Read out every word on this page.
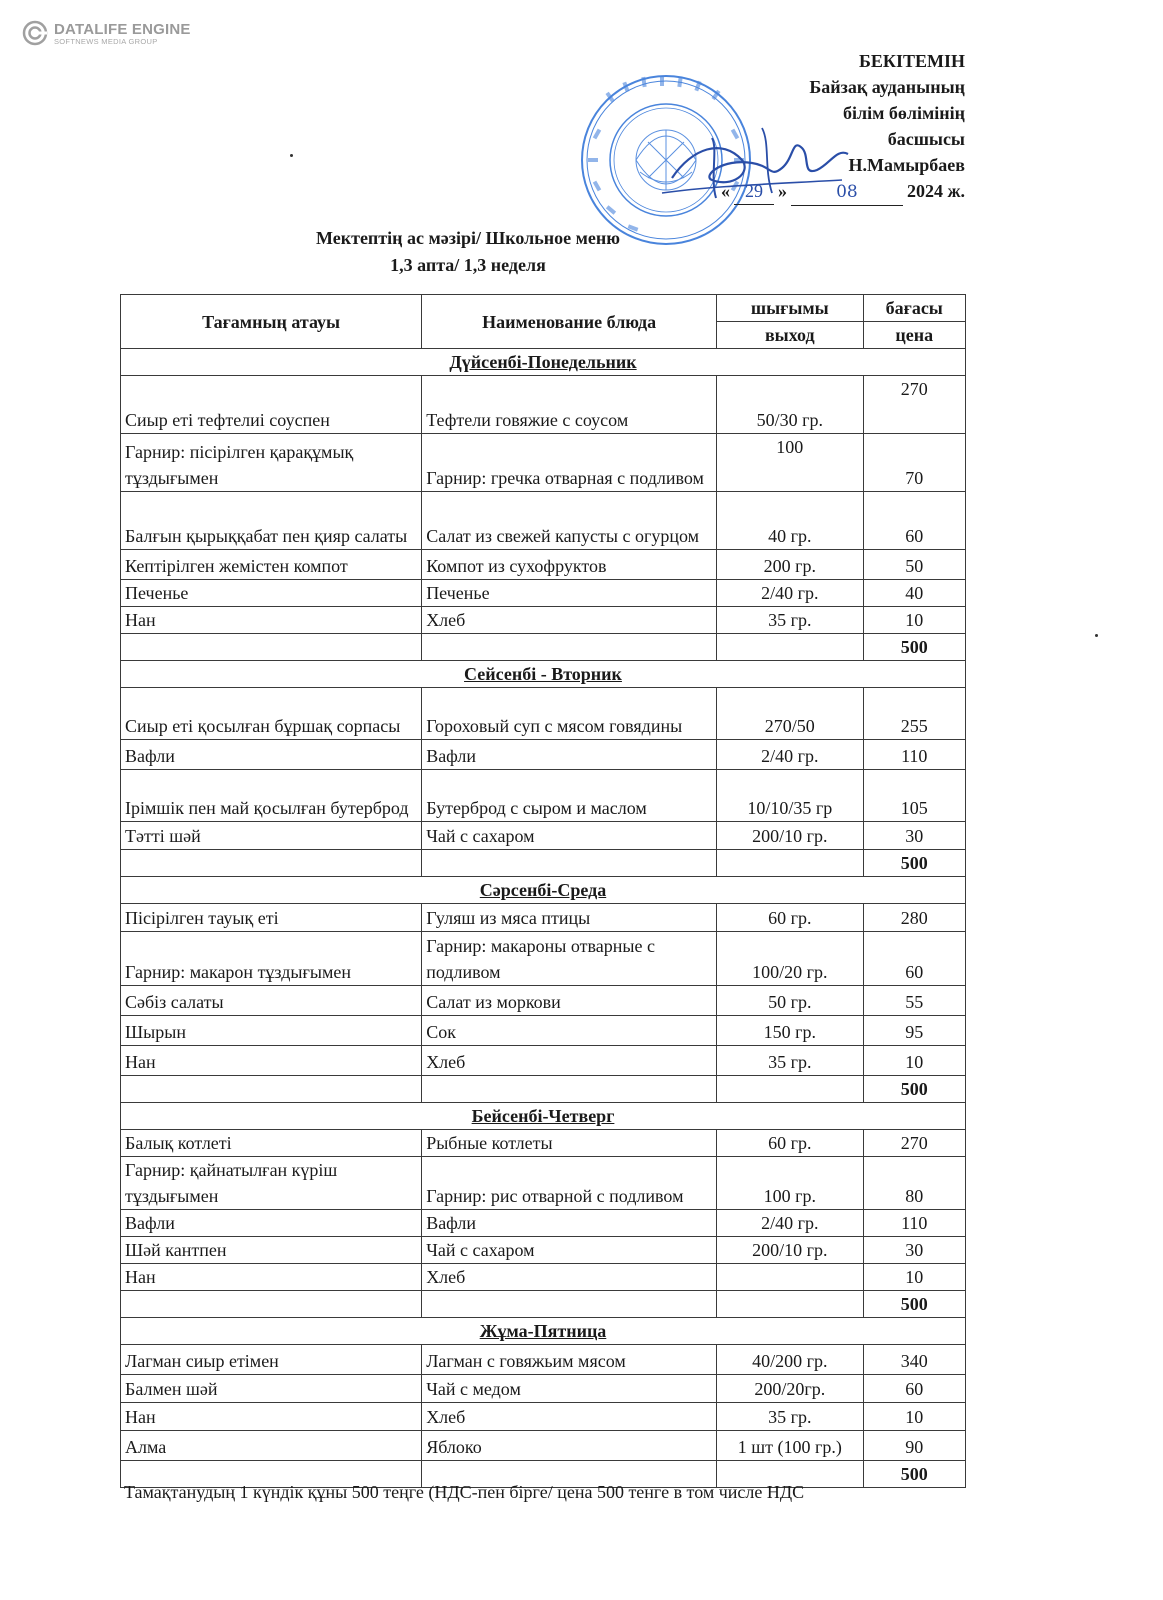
DATALIFE ENGINE
SOFTNEWS MEDIA GROUP
БЕКІТЕМІН
Байзақ ауданының
білім бөлімінің
басшысы
Н.Мамырбаев
« 29 »	08	2024 ж.
Мектептің ас мәзірі/ Школьное меню
1,3 апта/ 1,3 неделя
Тағамның атауы	Наименование блюда	шығымы	бағасы
		выход	цена
Дүйсенбі-Понедельник			
Сиыр еті тефтелиі соуспен	Тефтели говяжие с соусом	50/30 гр.	270
Гарнир: пісірілген қарақұмық тұздығымен	Гарнир: гречка отварная с подливом	100	70
Балғын қырыққабат пен қияр салаты	Салат из свежей капусты с огурцом	40 гр.	60
Кептірілген жемістен компот	Компот из сухофруктов	200 гр.	50
Печенье	Печенье	2/40 гр.	40
Нан	Хлеб	35 гр.	10
			500
Сейсенбі - Вторник			
Сиыр еті қосылған бұршақ сорпасы	Гороховый суп с мясом говядины	270/50	255
Вафли	Вафли	2/40 гр.	110
Ірімшік пен май қосылған бутерброд	Бутерброд с сыром и маслом	10/10/35 гр	105
Тәтті шәй	Чай с сахаром	200/10 гр.	30
			500
Сәрсенбі-Среда			
Пісірілген тауық еті	Гуляш из мяса птицы	60 гр.	280
Гарнир: макарон тұздығымен	Гарнир: макароны отварные с подливом	100/20 гр.	60
Сәбіз салаты	Салат из моркови	50 гр.	55
Шырын	Сок	150 гр.	95
Нан	Хлеб	35 гр.	10
			500
Бейсенбі-Четверг			
Балық котлеті	Рыбные котлеты	60 гр.	270
Гарнир: қайнатылған күріш тұздығымен	Гарнир: рис отварной с подливом	100 гр.	80
Вафли	Вафли	2/40 гр.	110
Шәй кантпен	Чай с сахаром	200/10 гр.	30
Нан	Хлеб		10
			500
Жұма-Пятница			
Лагман сиыр етімен	Лагман с говяжьим мясом	40/200 гр.	340
Балмен шәй	Чай с медом	200/20гр.	60
Нан	Хлеб	35 гр.	10
Алма	Яблоко	1 шт (100 гр.)	90
			500
Тамақтанудың 1 күндік құны 500 теңге (НДС-пен бірге/ цена 500 тенге в том числе НДС
